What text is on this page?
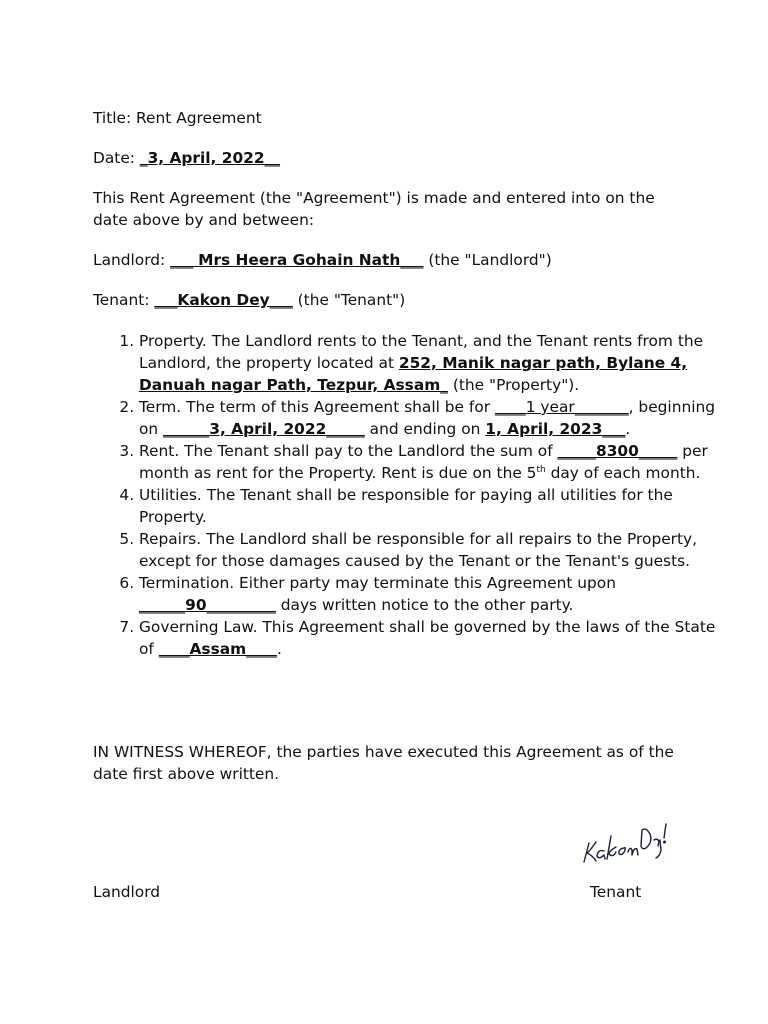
Title: Rent Agreement
Date: _3, April, 2022__
This Rent Agreement (the "Agreement") is made and entered into on the date above by and between:
Landlord: ___ Mrs Heera Gohain Nath___ (the "Landlord")
Tenant: ___Kakon Dey___ (the "Tenant")
1. Property. The Landlord rents to the Tenant, and the Tenant rents from the Landlord, the property located at 252, Manik nagar path, Bylane 4, Danuah nagar Path, Tezpur, Assam_ (the "Property").
2. Term. The term of this Agreement shall be for ____1 year_______, beginning on ______3, April, 2022_____ and ending on 1, April, 2023___.
3. Rent. The Tenant shall pay to the Landlord the sum of _____8300_____ per month as rent for the Property. Rent is due on the 5th day of each month.
4. Utilities. The Tenant shall be responsible for paying all utilities for the Property.
5. Repairs. The Landlord shall be responsible for all repairs to the Property, except for those damages caused by the Tenant or the Tenant's guests.
6. Termination. Either party may terminate this Agreement upon ______90_________ days written notice to the other party.
7. Governing Law. This Agreement shall be governed by the laws of the State of ____Assam____.
IN WITNESS WHEREOF, the parties have executed this Agreement as of the date first above written.
Landlord	Tenant
